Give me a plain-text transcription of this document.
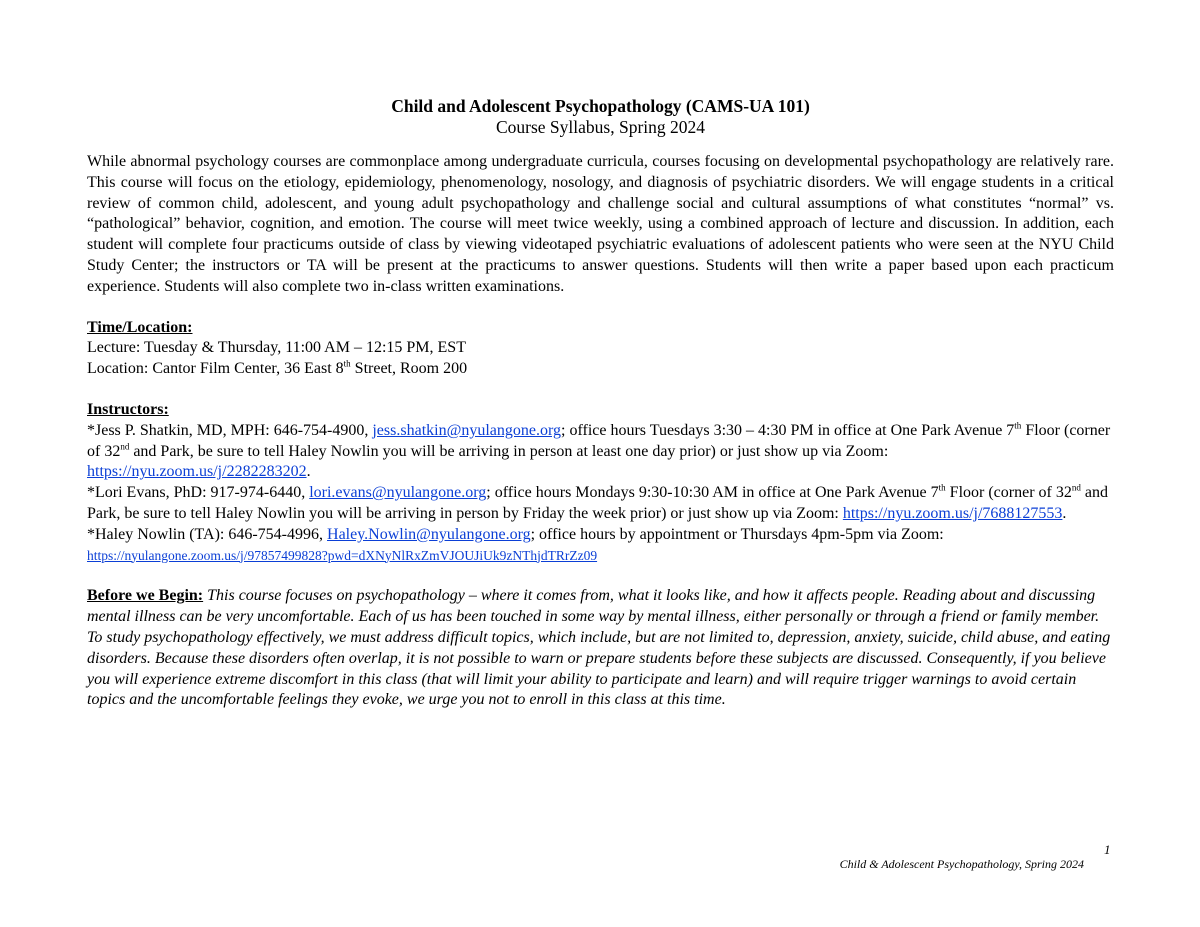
Child and Adolescent Psychopathology (CAMS-UA 101)

Course Syllabus, Spring 2024

While abnormal psychology courses are commonplace among undergraduate curricula, courses focusing on developmental psychopathology are relatively rare. This course will focus on the etiology, epidemiology, phenomenology, nosology, and diagnosis of psychiatric disorders. We will engage students in a critical review of common child, adolescent, and young adult psychopathology and challenge social and cultural assumptions of what constitutes “normal” vs. “pathological” behavior, cognition, and emotion. The course will meet twice weekly, using a combined approach of lecture and discussion. In addition, each student will complete four practicums outside of class by viewing videotaped psychiatric evaluations of adolescent patients who were seen at the NYU Child Study Center; the instructors or TA will be present at the practicums to answer questions. Students will then write a paper based upon each practicum experience. Students will also complete two in-class written examinations.

Time/Location:
Lecture: Tuesday & Thursday, 11:00 AM – 12:15 PM, EST
Location: Cantor Film Center, 36 East 8th Street, Room 200
Instructors:

*Jess P. Shatkin, MD, MPH: 646-754-4900, jess.shatkin@nyulangone.org; office hours Tuesdays 3:30 – 4:30 PM in office at One Park Avenue 7th Floor (corner of 32nd and Park, be sure to tell Haley Nowlin you will be arriving in person at least one day prior) or just show up via Zoom: https://nyu.zoom.us/j/2282283202.

*Lori Evans, PhD: 917-974-6440, lori.evans@nyulangone.org; office hours Mondays 9:30-10:30 AM in office at One Park Avenue 7th Floor (corner of 32nd and Park, be sure to tell Haley Nowlin you will be arriving in person by Friday the week prior) or just show up via Zoom: https://nyu.zoom.us/j/7688127553.

*Haley Nowlin (TA): 646-754-4996, Haley.Nowlin@nyulangone.org; office hours by appointment or Thursdays 4pm-5pm via Zoom:
https://nyulangone.zoom.us/j/97857499828?pwd=dXNyNlRxZmVJOUJiUk9zNThjdTRrZz09

Before we Begin: This course focuses on psychopathology – where it comes from, what it looks like, and how it affects people. Reading about and discussing mental illness can be very uncomfortable. Each of us has been touched in some way by mental illness, either personally or through a friend or family member. To study psychopathology effectively, we must address difficult topics, which include, but are not limited to, depression, anxiety, suicide, child abuse, and eating disorders. Because these disorders often overlap, it is not possible to warn or prepare students before these subjects are discussed. Consequently, if you believe you will experience extreme discomfort in this class (that will limit your ability to participate and learn) and will require trigger warnings to avoid certain topics and the uncomfortable feelings they evoke, we urge you not to enroll in this class at this time.

1
Child & Adolescent Psychopathology, Spring 2024
